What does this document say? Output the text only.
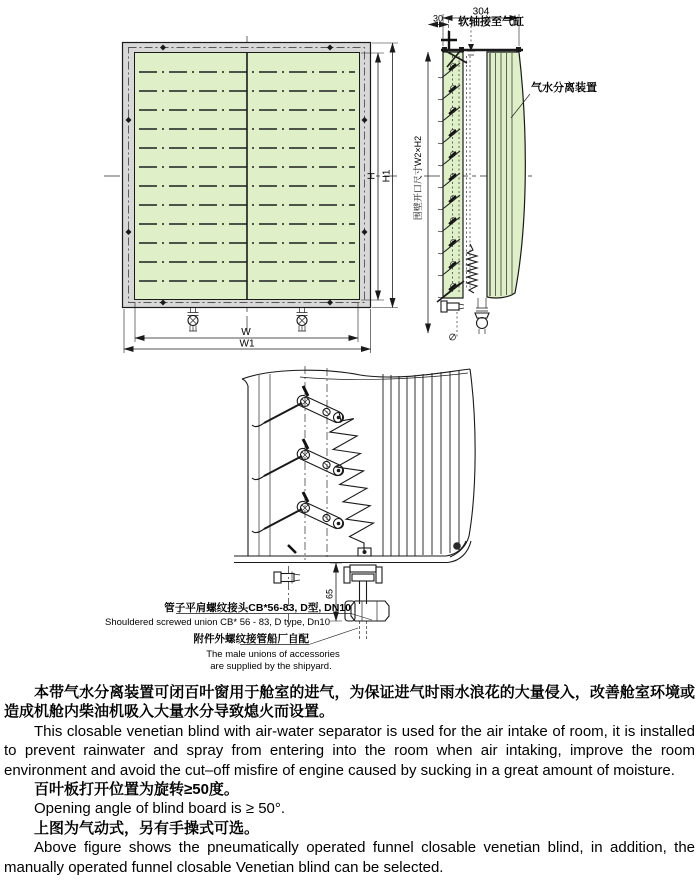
H H1
W
W1
围壁开口尺寸W2×H2
30
304
软轴接至气缸
气水分离装置
65
管子平肩螺纹接头CB*56-83, D型, DN10
Shouldered screwed union CB* 56 - 83, D type, Dn10
附件外螺纹接管船厂自配
The male unions of accessories
are supplied by the shipyard.

本带气水分离装置可闭百叶窗用于舱室的进气，为保证进气时雨水浪花的大量侵入，改善舱室环境或造成机舱内柴油机吸入大量水分导致熄火而设置。

This closable venetian blind with air-water separator is used for the air intake of room, it is installed to prevent rainwater and spray from entering into the room when air intaking, improve the room environment and avoid the cut–off misfire of engine caused by sucking in a great amount of moisture.

百叶板打开位置为旋转≥50度。

Opening angle of blind board is ≥ 50°.

上图为气动式，另有手操式可选。

Above figure shows the pneumatically operated funnel closable venetian blind, in addition, the manually operated funnel closable Venetian blind can be selected.
